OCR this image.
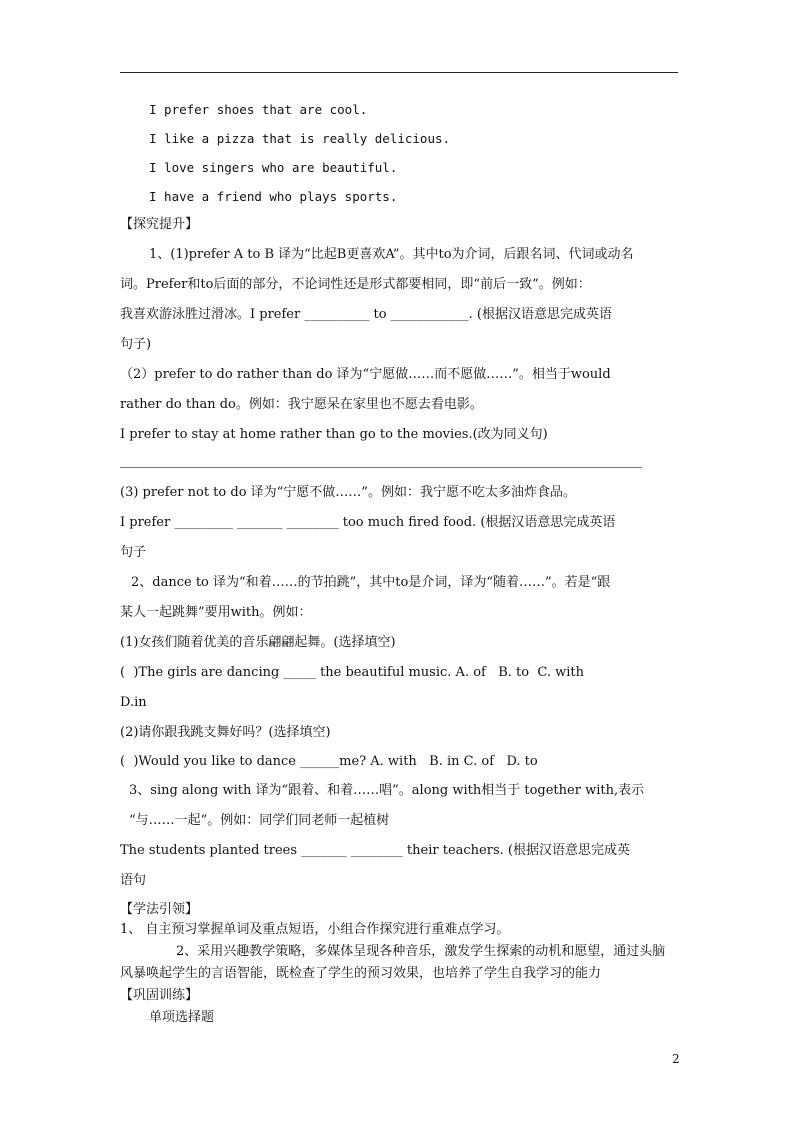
I prefer shoes that are cool.
I like a pizza that is really delicious.
I love singers who are beautiful.
I have a friend who plays sports.
【探究提升】
1、(1)prefer A to B 译为“比起B更喜欢A”。其中to为介词，后跟名词、代词或动名
词。Prefer和to后面的部分，不论词性还是形式都要相同，即“前后一致”。例如：
我喜欢游泳胜过滑冰。I prefer __________ to ____________. (根据汉语意思完成英语
句子)
（2）prefer to do rather than do 译为“宁愿做……而不愿做……”。相当于would
rather do than do。例如：我宁愿呆在家里也不愿去看电影。
I prefer to stay at home rather than go to the movies.(改为同义句)
(3) prefer not to do 译为“宁愿不做……”。例如：我宁愿不吃太多油炸食品。
I prefer _________ _______ ________ too much fired food. (根据汉语意思完成英语
句子
2、dance to 译为“和着……的节拍跳”，其中to是介词，译为“随着……”。若是“跟
某人一起跳舞”要用with。例如：
(1)女孩们随着优美的音乐翩翩起舞。(选择填空)
(  )The girls are dancing _____ the beautiful music. A. of   B. to  C. with
D.in
(2)请你跟我跳支舞好吗？(选择填空)
(  )Would you like to dance ______me? A. with   B. in C. of   D. to
3、sing along with 译为“跟着、和着……唱”。along with相当于 together with,表示
“与……一起”。例如：同学们同老师一起植树
The students planted trees _______ ________ their teachers. (根据汉语意思完成英
语句
【学法引领】
1、 自主预习掌握单词及重点短语，小组合作探究进行重难点学习。
2、采用兴趣教学策略，多媒体呈现各种音乐，激发学生探索的动机和愿望，通过头脑
风暴唤起学生的言语智能，既检查了学生的预习效果，也培养了学生自我学习的能力
【巩固训练】
单项选择题
2
